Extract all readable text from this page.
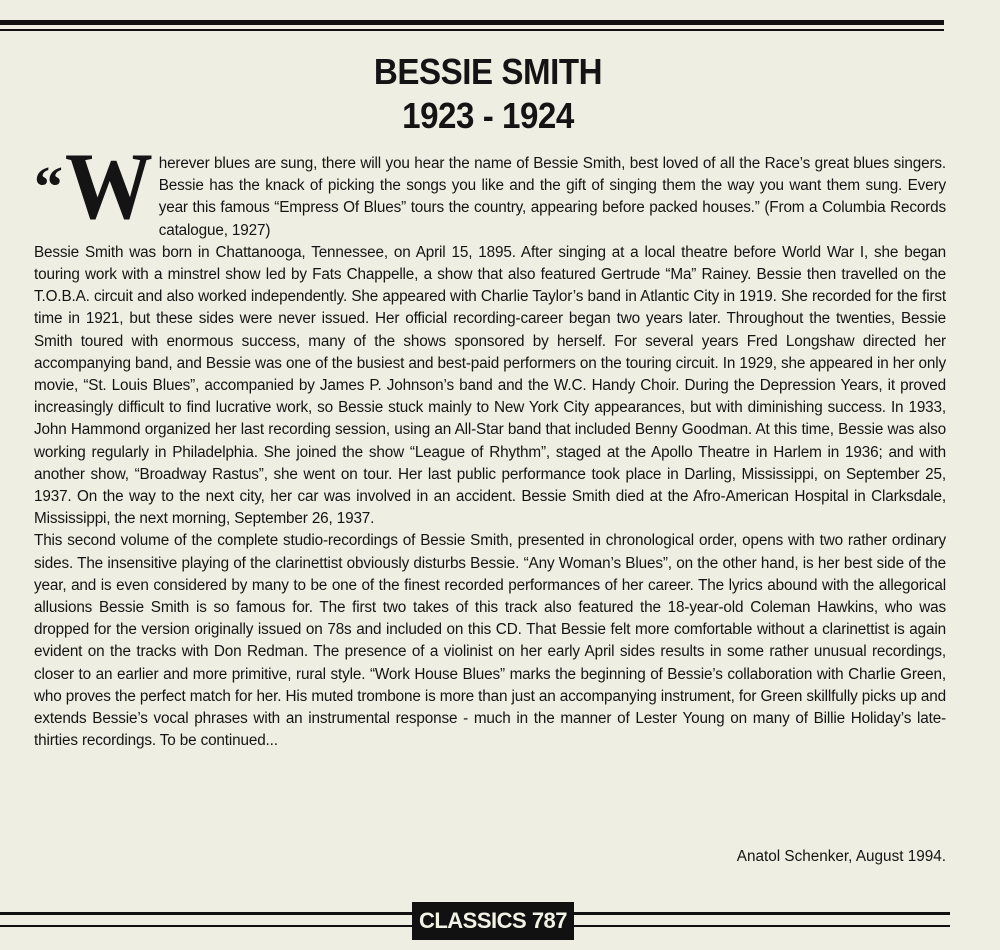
BESSIE SMITH
1923 - 1924

“ W herever blues are sung, there will you hear the name of Bessie Smith, best loved of all the Race’s great blues singers. Bessie has the knack of picking the songs you like and the gift of singing them the way you want them sung. Every year this famous “Empress Of Blues” tours the country, appearing before packed houses.” (From a Columbia Records catalogue, 1927)

Bessie Smith was born in Chattanooga, Tennessee, on April 15, 1895. After singing at a local theatre before World War I, she began touring work with a minstrel show led by Fats Chappelle, a show that also featured Gertrude “Ma” Rainey. Bessie then travelled on the T.O.B.A. circuit and also worked independently. She appeared with Charlie Taylor’s band in Atlantic City in 1919. She recorded for the first time in 1921, but these sides were never issued. Her official recording-career began two years later. Throughout the twenties, Bessie Smith toured with enormous success, many of the shows sponsored by herself. For several years Fred Longshaw directed her accompanying band, and Bessie was one of the busiest and best-paid performers on the touring circuit. In 1929, she appeared in her only movie, “St. Louis Blues”, accompanied by James P. Johnson’s band and the W.C. Handy Choir. During the Depression Years, it proved increasingly difficult to find lucrative work, so Bessie stuck mainly to New York City appearances, but with diminishing success. In 1933, John Hammond organized her last recording session, using an All-Star band that included Benny Goodman. At this time, Bessie was also working regularly in Philadelphia. She joined the show “League of Rhythm”, staged at the Apollo Theatre in Harlem in 1936; and with another show, “Broadway Rastus”, she went on tour. Her last public performance took place in Darling, Mississippi, on September 25, 1937. On the way to the next city, her car was involved in an accident. Bessie Smith died at the Afro-American Hospital in Clarksdale, Mississippi, the next morning, September 26, 1937.

This second volume of the complete studio-recordings of Bessie Smith, presented in chronological order, opens with two rather ordinary sides. The insensitive playing of the clarinettist obviously disturbs Bessie. “Any Woman’s Blues”, on the other hand, is her best side of the year, and is even considered by many to be one of the finest recorded performances of her career. The lyrics abound with the allegorical allusions Bessie Smith is so famous for. The first two takes of this track also featured the 18-year-old Coleman Hawkins, who was dropped for the version originally issued on 78s and included on this CD. That Bessie felt more comfortable without a clarinettist is again evident on the tracks with Don Redman. The presence of a violinist on her early April sides results in some rather unusual recordings, closer to an earlier and more primitive, rural style. “Work House Blues” marks the beginning of Bessie’s collaboration with Charlie Green, who proves the perfect match for her. His muted trombone is more than just an accompanying instrument, for Green skillfully picks up and extends Bessie’s vocal phrases with an instrumental response - much in the manner of Lester Young on many of Billie Holiday’s late-thirties recordings. To be continued...

Anatol Schenker, August 1994.
CLASSICS 787
